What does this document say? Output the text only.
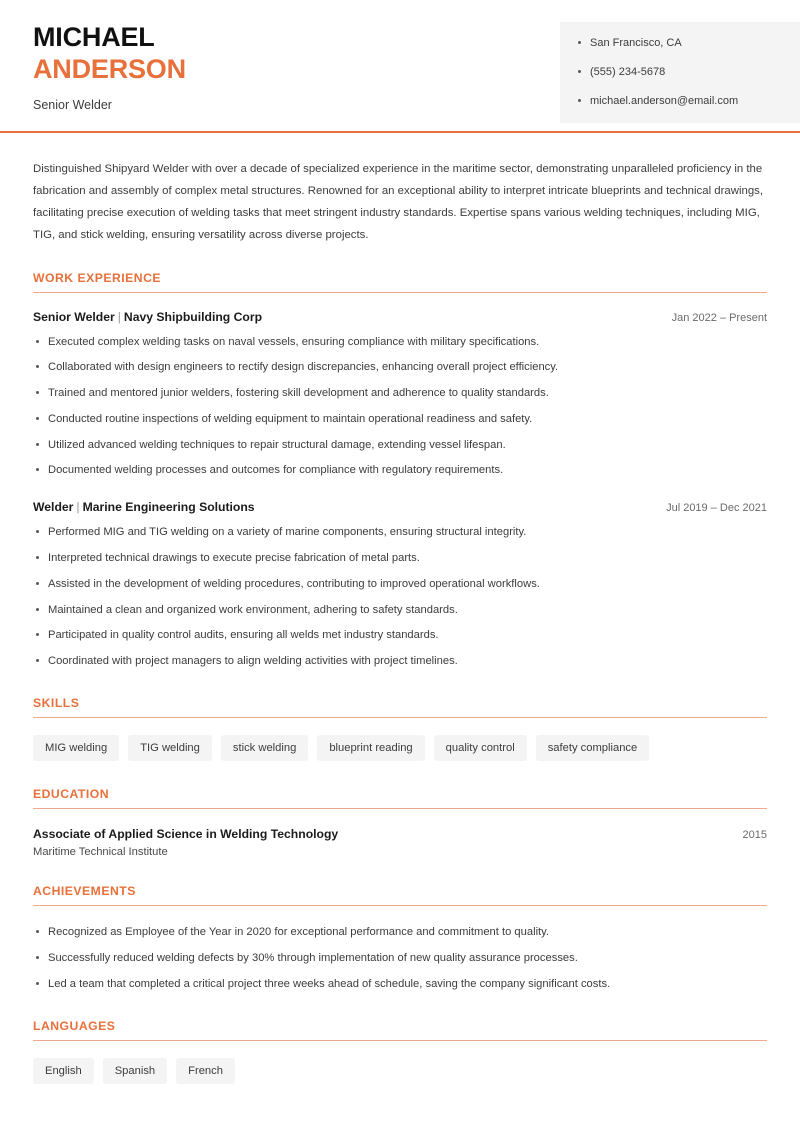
MICHAEL
ANDERSON
Senior Welder
San Francisco, CA
(555) 234-5678
michael.anderson@email.com
Distinguished Shipyard Welder with over a decade of specialized experience in the maritime sector, demonstrating unparalleled proficiency in the fabrication and assembly of complex metal structures. Renowned for an exceptional ability to interpret intricate blueprints and technical drawings, facilitating precise execution of welding tasks that meet stringent industry standards. Expertise spans various welding techniques, including MIG, TIG, and stick welding, ensuring versatility across diverse projects.
WORK EXPERIENCE
Senior Welder | Navy Shipbuilding Corp	Jan 2022 – Present
Executed complex welding tasks on naval vessels, ensuring compliance with military specifications.
Collaborated with design engineers to rectify design discrepancies, enhancing overall project efficiency.
Trained and mentored junior welders, fostering skill development and adherence to quality standards.
Conducted routine inspections of welding equipment to maintain operational readiness and safety.
Utilized advanced welding techniques to repair structural damage, extending vessel lifespan.
Documented welding processes and outcomes for compliance with regulatory requirements.
Welder | Marine Engineering Solutions	Jul 2019 – Dec 2021
Performed MIG and TIG welding on a variety of marine components, ensuring structural integrity.
Interpreted technical drawings to execute precise fabrication of metal parts.
Assisted in the development of welding procedures, contributing to improved operational workflows.
Maintained a clean and organized work environment, adhering to safety standards.
Participated in quality control audits, ensuring all welds met industry standards.
Coordinated with project managers to align welding activities with project timelines.
SKILLS
MIG welding	TIG welding	stick welding	blueprint reading	quality control	safety compliance
EDUCATION
Associate of Applied Science in Welding Technology	2015
Maritime Technical Institute
ACHIEVEMENTS
Recognized as Employee of the Year in 2020 for exceptional performance and commitment to quality.
Successfully reduced welding defects by 30% through implementation of new quality assurance processes.
Led a team that completed a critical project three weeks ahead of schedule, saving the company significant costs.
LANGUAGES
English	Spanish	French
